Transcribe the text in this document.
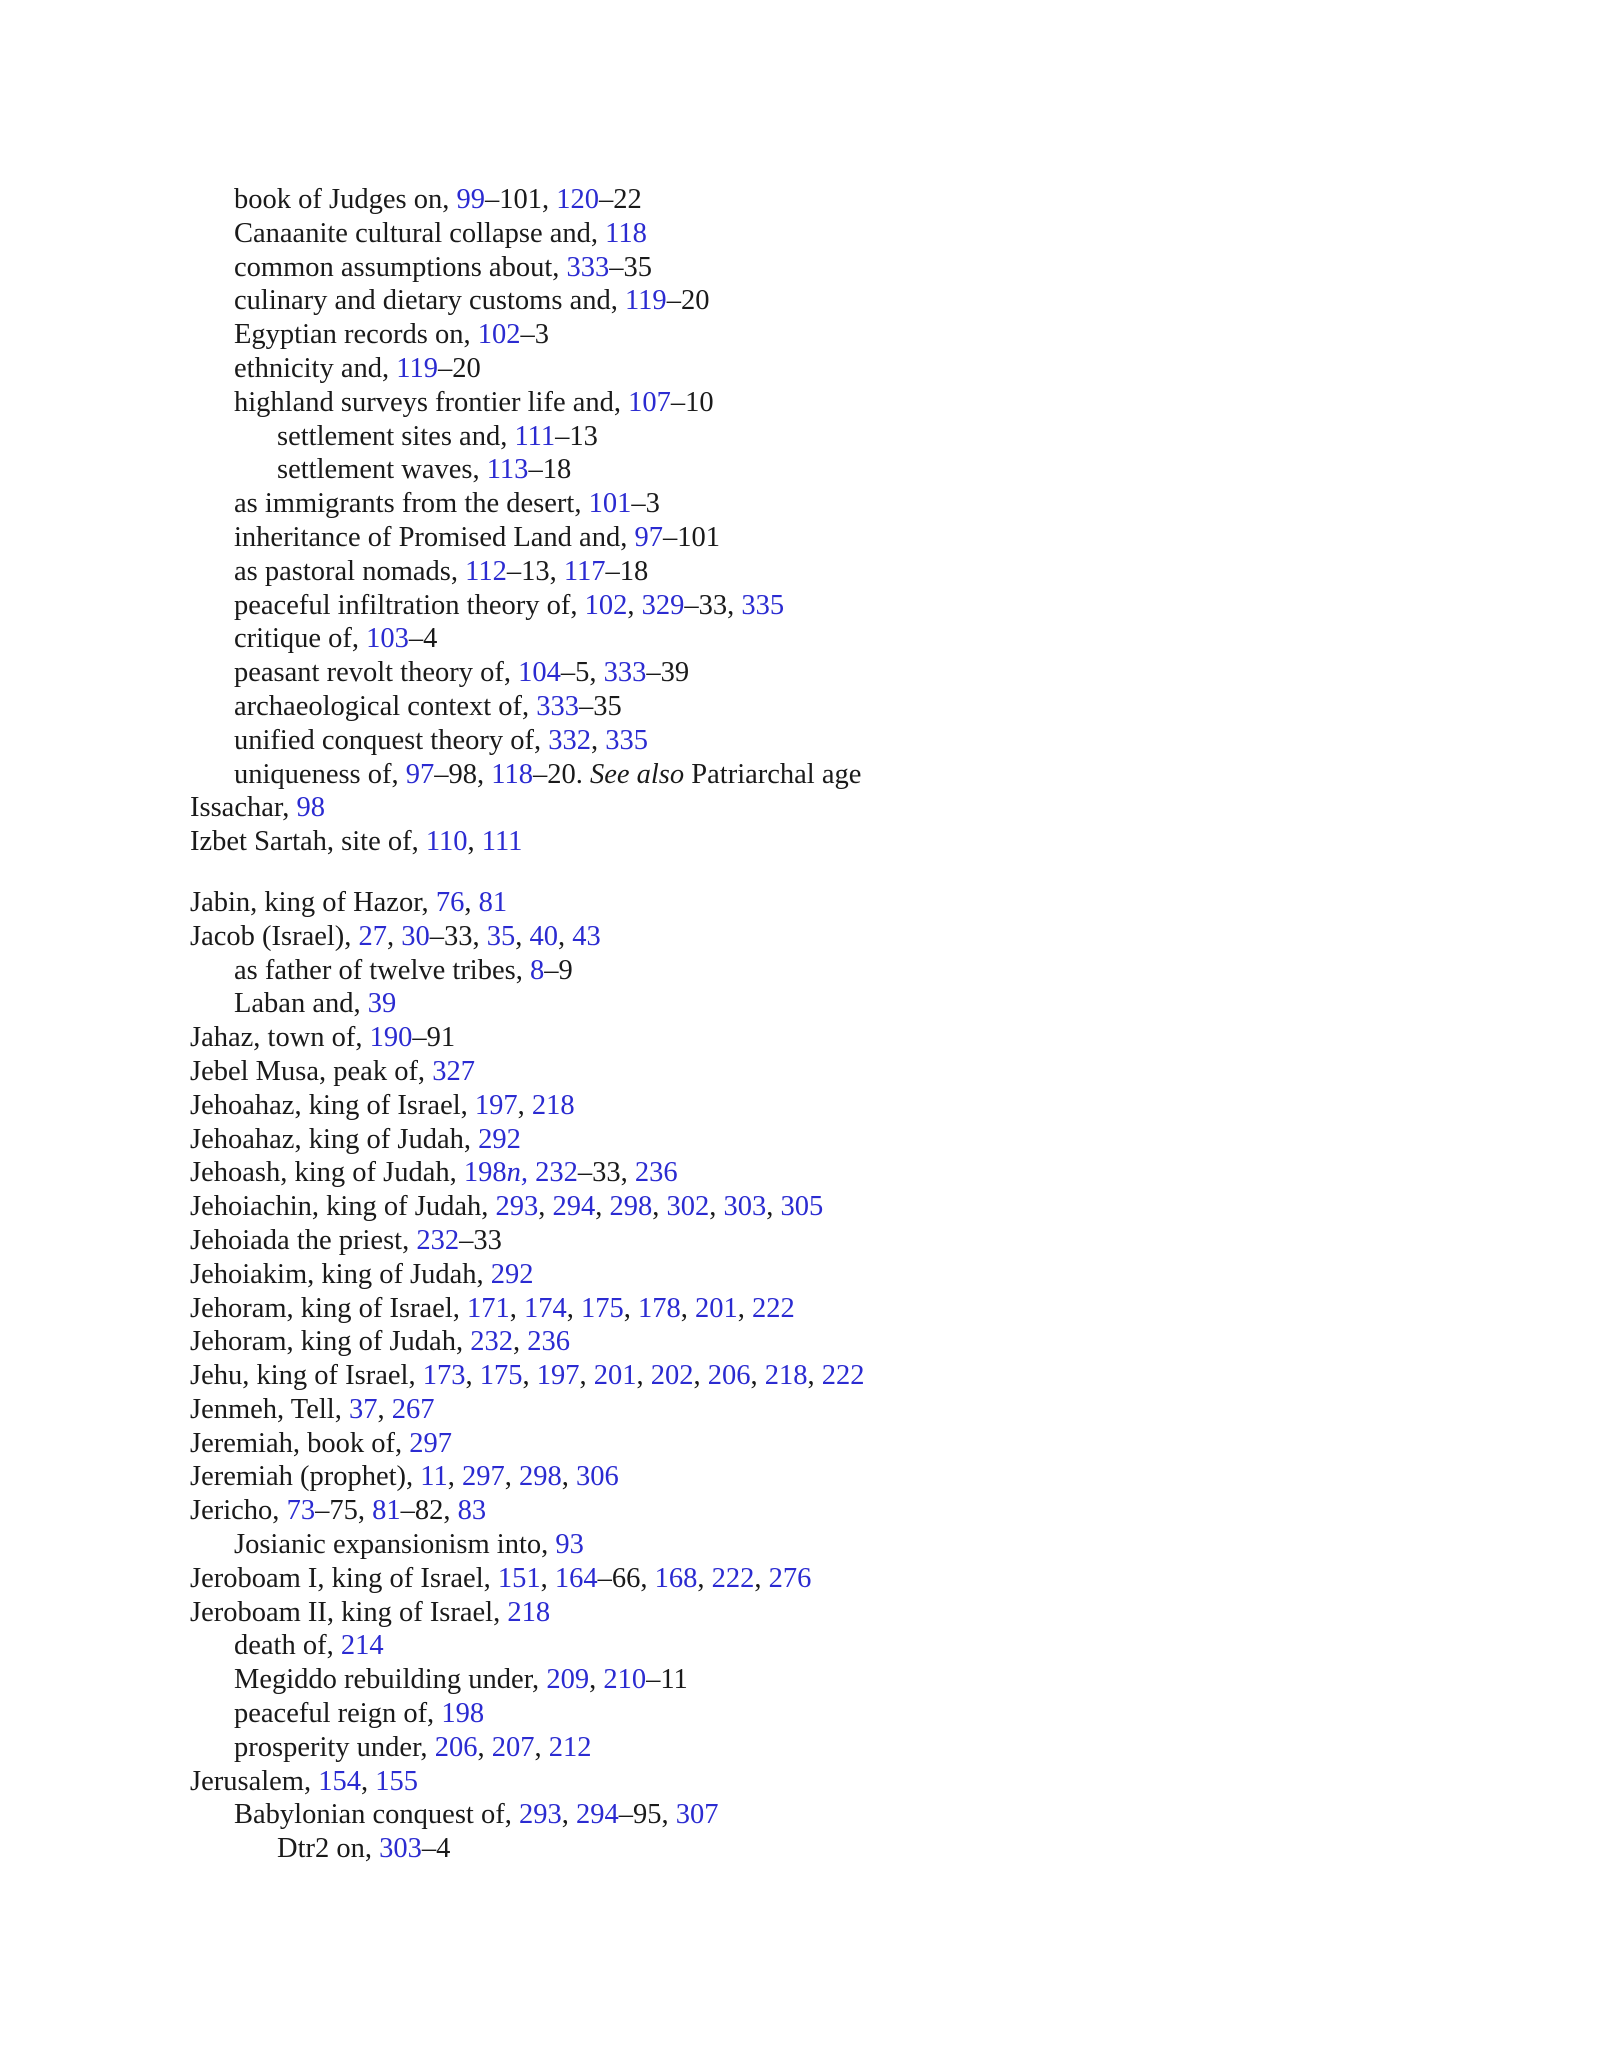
book of Judges on, 99–101, 120–22
Canaanite cultural collapse and, 118
common assumptions about, 333–35
culinary and dietary customs and, 119–20
Egyptian records on, 102–3
ethnicity and, 119–20
highland surveys frontier life and, 107–10
settlement sites and, 111–13
settlement waves, 113–18
as immigrants from the desert, 101–3
inheritance of Promised Land and, 97–101
as pastoral nomads, 112–13, 117–18
peaceful infiltration theory of, 102, 329–33, 335
critique of, 103–4
peasant revolt theory of, 104–5, 333–39
archaeological context of, 333–35
unified conquest theory of, 332, 335
uniqueness of, 97–98, 118–20. See also Patriarchal age
Issachar, 98
Izbet Sartah, site of, 110, 111
Jabin, king of Hazor, 76, 81
Jacob (Israel), 27, 30–33, 35, 40, 43
as father of twelve tribes, 8–9
Laban and, 39
Jahaz, town of, 190–91
Jebel Musa, peak of, 327
Jehoahaz, king of Israel, 197, 218
Jehoahaz, king of Judah, 292
Jehoash, king of Judah, 198n, 232–33, 236
Jehoiachin, king of Judah, 293, 294, 298, 302, 303, 305
Jehoiada the priest, 232–33
Jehoiakim, king of Judah, 292
Jehoram, king of Israel, 171, 174, 175, 178, 201, 222
Jehoram, king of Judah, 232, 236
Jehu, king of Israel, 173, 175, 197, 201, 202, 206, 218, 222
Jenmeh, Tell, 37, 267
Jeremiah, book of, 297
Jeremiah (prophet), 11, 297, 298, 306
Jericho, 73–75, 81–82, 83
Josianic expansionism into, 93
Jeroboam I, king of Israel, 151, 164–66, 168, 222, 276
Jeroboam II, king of Israel, 218
death of, 214
Megiddo rebuilding under, 209, 210–11
peaceful reign of, 198
prosperity under, 206, 207, 212
Jerusalem, 154, 155
Babylonian conquest of, 293, 294–95, 307
Dtr2 on, 303–4
